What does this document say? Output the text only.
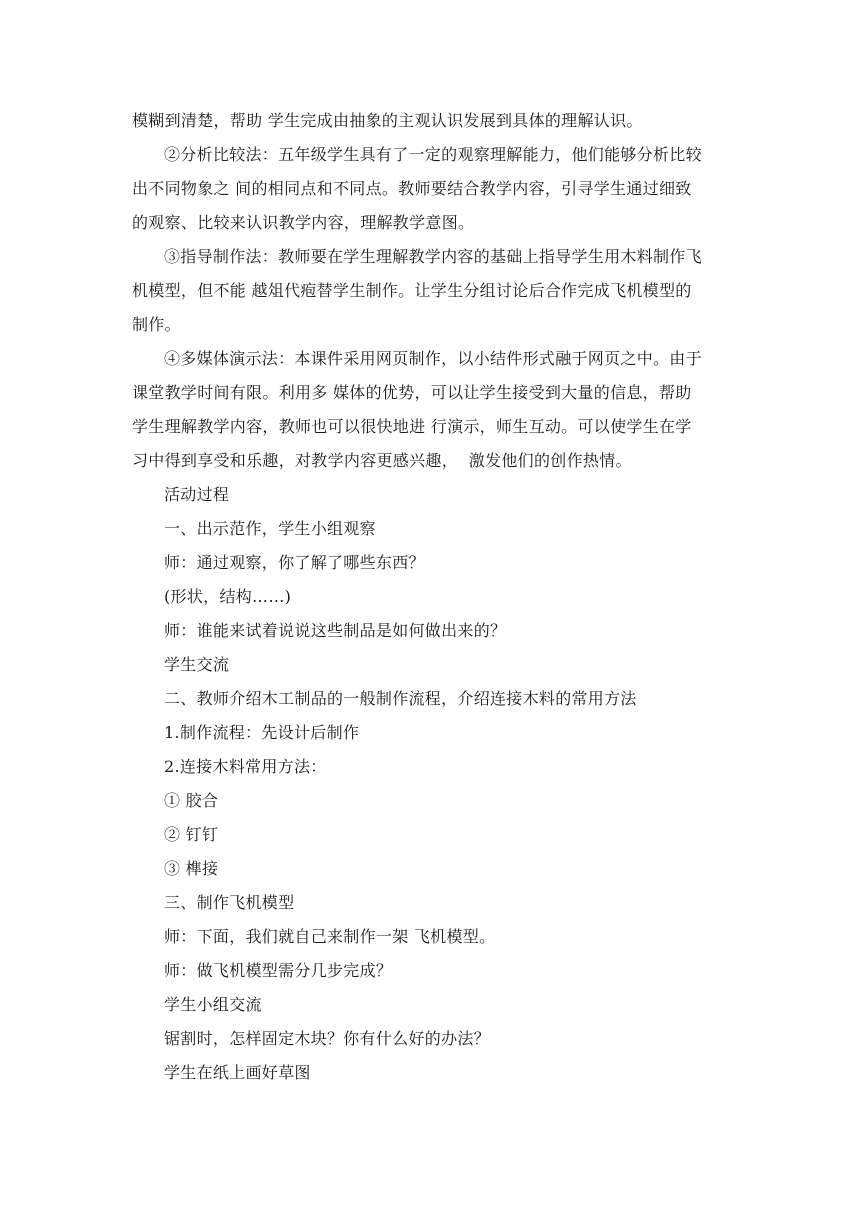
模糊到清楚，帮助 学生完成由抽象的主观认识发展到具体的理解认识。
②分析比较法：五年级学生具有了一定的观察理解能力，他们能够分析比较
出不同物象之 间的相同点和不同点。教师要结合教学内容，引寻学生通过细致
的观察、比较来认识教学内容，理解教学意图。
③指导制作法：教师要在学生理解教学内容的基础上指导学生用木料制作飞
机模型，但不能 越俎代疱替学生制作。让学生分组讨论后合作完成飞机模型的
制作。
④多媒体演示法：本课件采用网页制作，以小结件形式融于网页之中。由于
课堂教学时间有限。利用多 媒体的优势，可以让学生接受到大量的信息，帮助
学生理解教学内容，教师也可以很快地进 行演示，师生互动。可以使学生在学
习中得到享受和乐趣，对教学内容更感兴趣，  激发他们的创作热情。
活动过程
一、出示范作，学生小组观察
师：通过观察，你了解了哪些东西？
(形状，结构……)
师：谁能来试着说说这些制品是如何做出来的？
学生交流
二、教师介绍木工制品的一般制作流程，介绍连接木料的常用方法
1.制作流程：先设计后制作
2.连接木料常用方法：
① 胶合
② 钉钉
③ 榫接
三、制作飞机模型
师：下面，我们就自己来制作一架 飞机模型。
师：做飞机模型需分几步完成？
学生小组交流
锯割时，怎样固定木块？你有什么好的办法？
学生在纸上画好草图
